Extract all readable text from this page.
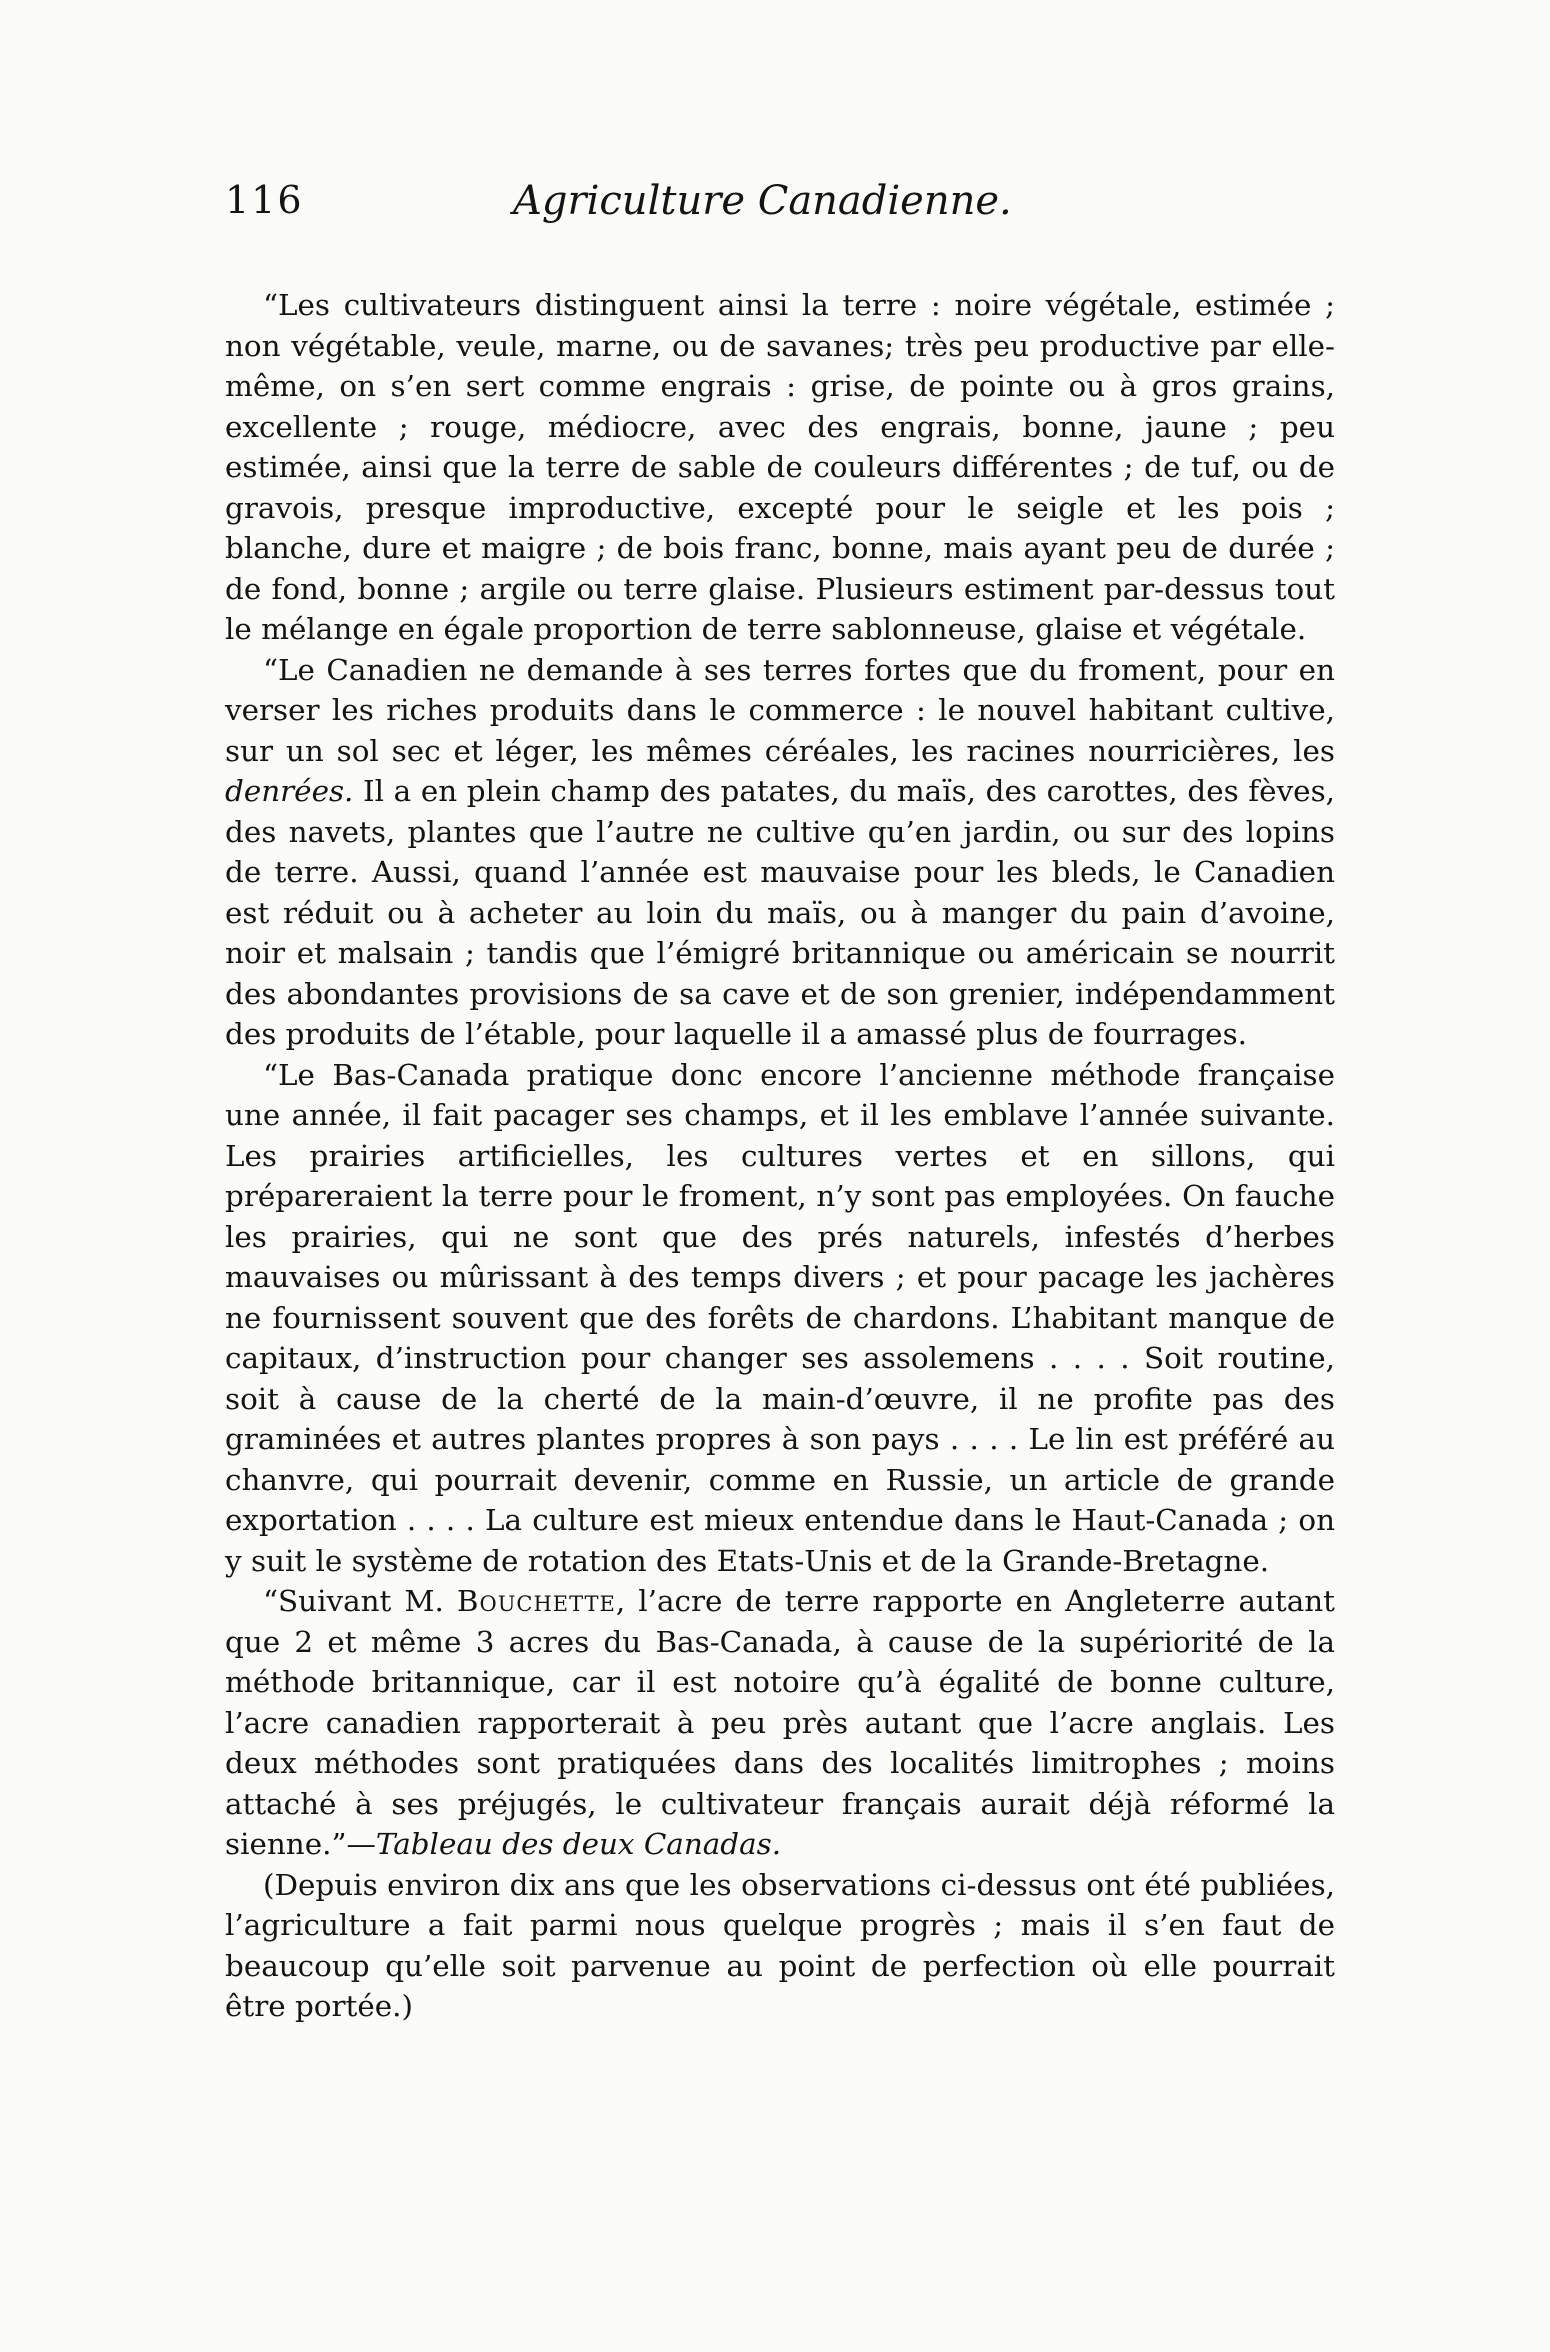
116	Agriculture Canadienne.

“Les cultivateurs distinguent ainsi la terre : noire végétale, estimée ; non végétable, veule, marne, ou de savanes; très peu productive par elle-même, on s’en sert comme engrais : grise, de pointe ou à gros grains, excellente ; rouge, médiocre, avec des engrais, bonne, jaune ; peu estimée, ainsi que la terre de sable de couleurs différentes ; de tuf, ou de gravois, presque improductive, excepté pour le seigle et les pois ; blanche, dure et maigre ; de bois franc, bonne, mais ayant peu de durée ; de fond, bonne ; argile ou terre glaise. Plusieurs estiment par-dessus tout le mélange en égale proportion de terre sablonneuse, glaise et végétale.

“Le Canadien ne demande à ses terres fortes que du froment, pour en verser les riches produits dans le commerce : le nouvel habitant cultive, sur un sol sec et léger, les mêmes céréales, les racines nourricières, les denrées. Il a en plein champ des patates, du maïs, des carottes, des fèves, des navets, plantes que l’autre ne cultive qu’en jardin, ou sur des lopins de terre. Aussi, quand l’année est mauvaise pour les bleds, le Canadien est réduit ou à acheter au loin du maïs, ou à manger du pain d’avoine, noir et malsain ; tandis que l’émigré britannique ou américain se nourrit des abondantes provisions de sa cave et de son grenier, indépendamment des produits de l’étable, pour laquelle il a amassé plus de fourrages.

“Le Bas-Canada pratique donc encore l’ancienne méthode française une année, il fait pacager ses champs, et il les emblave l’année suivante. Les prairies artificielles, les cultures vertes et en sillons, qui prépareraient la terre pour le froment, n’y sont pas employées. On fauche les prairies, qui ne sont que des prés naturels, infestés d’herbes mauvaises ou mûrissant à des temps divers ; et pour pacage les jachères ne fournissent souvent que des forêts de chardons. L’habitant manque de capitaux, d’instruction pour changer ses assolemens . . . . Soit routine, soit à cause de la cherté de la main-d’œuvre, il ne profite pas des graminées et autres plantes propres à son pays . . . . Le lin est préféré au chanvre, qui pourrait devenir, comme en Russie, un article de grande exportation . . . . La culture est mieux entendue dans le Haut-Canada ; on y suit le système de rotation des Etats-Unis et de la Grande-Bretagne.

“Suivant M. Bouchette, l’acre de terre rapporte en Angleterre autant que 2 et même 3 acres du Bas-Canada, à cause de la supériorité de la méthode britannique, car il est notoire qu’à égalité de bonne culture, l’acre canadien rapporterait à peu près autant que l’acre anglais. Les deux méthodes sont pratiquées dans des localités limitrophes ; moins attaché à ses préjugés, le cultivateur français aurait déjà réformé la sienne.”—Tableau des deux Canadas.

(Depuis environ dix ans que les observations ci-dessus ont été publiées, l’agriculture a fait parmi nous quelque progrès ; mais il s’en faut de beaucoup qu’elle soit parvenue au point de perfection où elle pourrait être portée.)
